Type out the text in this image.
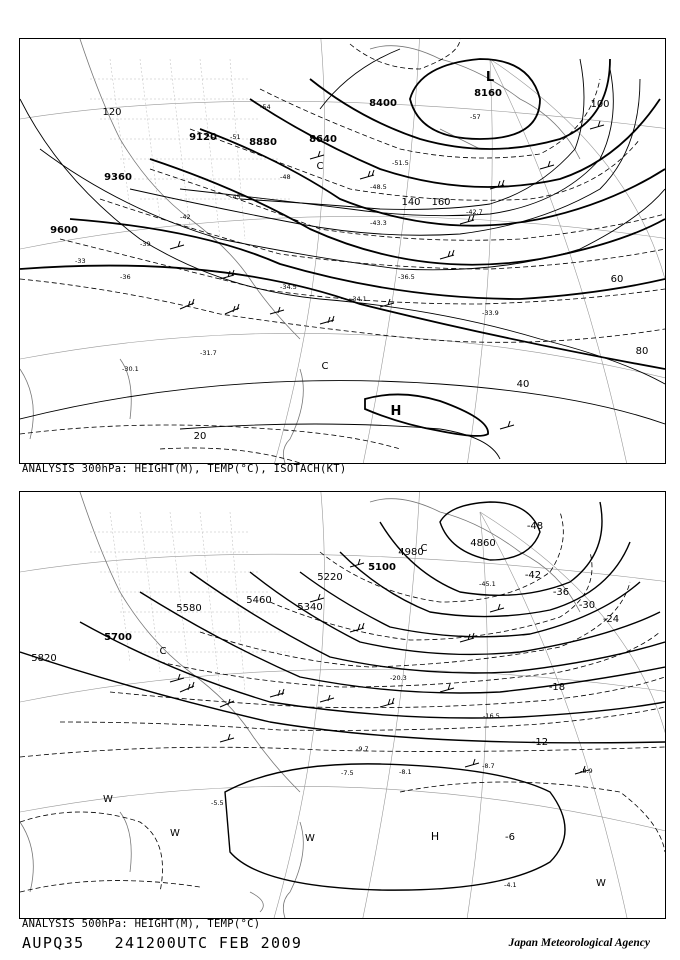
H
L
C
C
9600
9360
9120	8880	8640
8400
8160
20
40
60
80
100
120
140 160
-33
-36
-39
-42
-45
-48
-51
-54
-57
-34.1
-33.9
-36.5
-34.5
-31.7
-30.1
-43.3
-42.7
-48.5
-51.5
ANALYSIS 300hPa: HEIGHT(M), TEMP(°C), ISOTACH(KT)
H
C
C
W
W	W
W
5820
5700
5580
5460
5340
5220
5100
4980
4860
-6
-12
-18
-24
-30
-36
-42
-48
-8.7
-8.9
-8.1
-9.7
-7.5
-5.5
-4.1
-20.3
-45.1
-16.5
ANALYSIS 500hPa: HEIGHT(M), TEMP(°C)
AUPQ35 241200UTC FEB 2009	Japan Meteorological Agency
